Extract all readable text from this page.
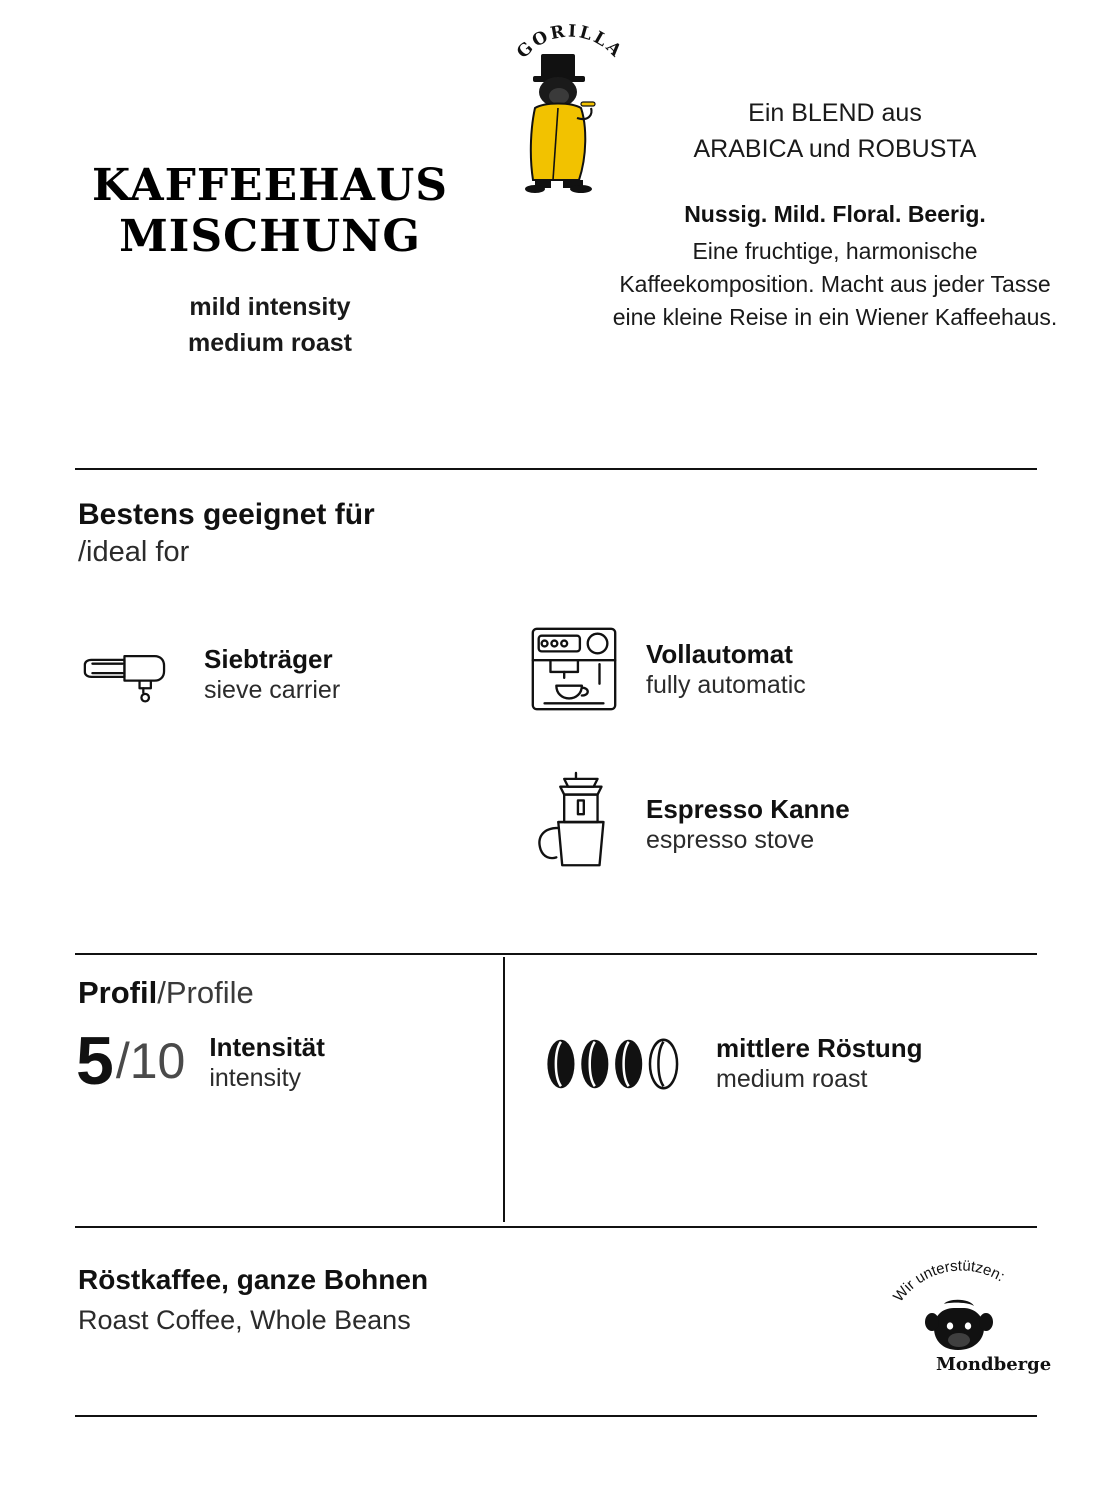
GORILLA
KAFFEEHAUS
MISCHUNG
mild intensity
medium roast
Ein BLEND aus
ARABICA und ROBUSTA
Nussig. Mild. Floral. Beerig.
Eine fruchtige, harmonische Kaffeekomposition. Macht aus jeder Tasse eine kleine Reise in ein Wiener Kaffeehaus.
Bestens geeignet für
/ideal for
Siebträger
sieve carrier
Vollautomat
fully automatic
Espresso Kanne
espresso stove
Profil/Profile
5 /10 Intensität
intensity
mittlere Röstung
medium roast
Röstkaffee, ganze Bohnen
Roast Coffee, Whole Beans
Wir unterstützen:
Mondberge
